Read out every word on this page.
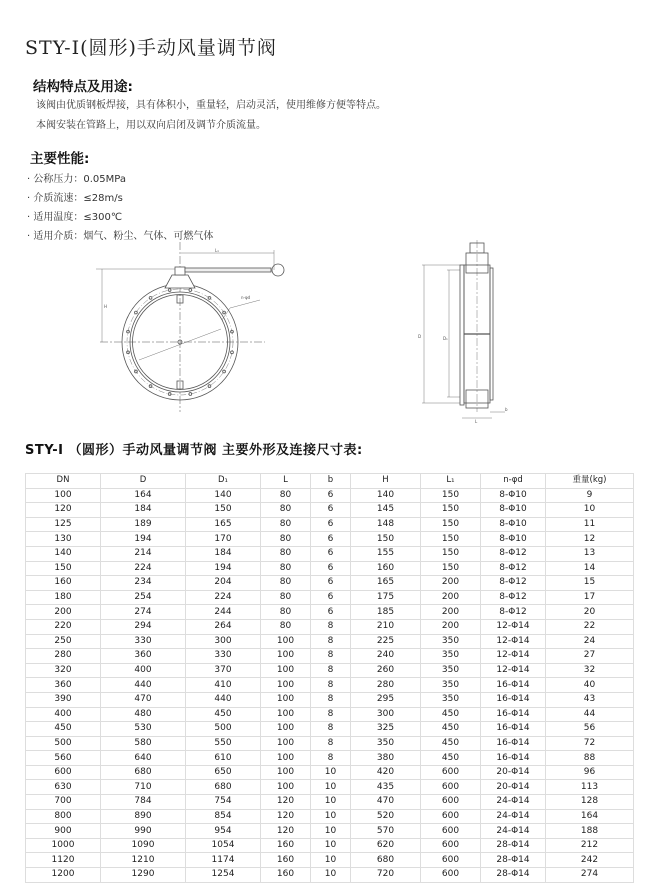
STY-I(圆形)手动风量调节阀
结构特点及用途:
该阀由优质钢板焊接，具有体积小，重量轻，启动灵活，使用维修方便等特点。
本阀安装在管路上，用以双向启闭及调节介质流量。
主要性能:
· 公称压力：0.05MPa
· 介质流速：≤28m/s
· 适用温度：≤300℃
· 适用介质：烟气、粉尘、气体、可燃气体
H
L₁
n-φd
D	D₁
L
b
STY-I （圆形）手动风量调节阀 主要外形及连接尺寸表:
DN	D	D₁	L	b	H	L₁	n-φd	重量(kg)
100	164	140	80	6	140	150	8-Φ10	9
120	184	150	80	6	145	150	8-Φ10	10
125	189	165	80	6	148	150	8-Φ10	11
130	194	170	80	6	150	150	8-Φ10	12
140	214	184	80	6	155	150	8-Φ12	13
150	224	194	80	6	160	150	8-Φ12	14
160	234	204	80	6	165	200	8-Φ12	15
180	254	224	80	6	175	200	8-Φ12	17
200	274	244	80	6	185	200	8-Φ12	20
220	294	264	80	8	210	200	12-Φ14	22
250	330	300	100	8	225	350	12-Φ14	24
280	360	330	100	8	240	350	12-Φ14	27
320	400	370	100	8	260	350	12-Φ14	32
360	440	410	100	8	280	350	16-Φ14	40
390	470	440	100	8	295	350	16-Φ14	43
400	480	450	100	8	300	450	16-Φ14	44
450	530	500	100	8	325	450	16-Φ14	56
500	580	550	100	8	350	450	16-Φ14	72
560	640	610	100	8	380	450	16-Φ14	88
600	680	650	100	10	420	600	20-Φ14	96
630	710	680	100	10	435	600	20-Φ14	113
700	784	754	120	10	470	600	24-Φ14	128
800	890	854	120	10	520	600	24-Φ14	164
900	990	954	120	10	570	600	24-Φ14	188
1000	1090	1054	160	10	620	600	28-Φ14	212
1120	1210	1174	160	10	680	600	28-Φ14	242
1200	1290	1254	160	10	720	600	28-Φ14	274
